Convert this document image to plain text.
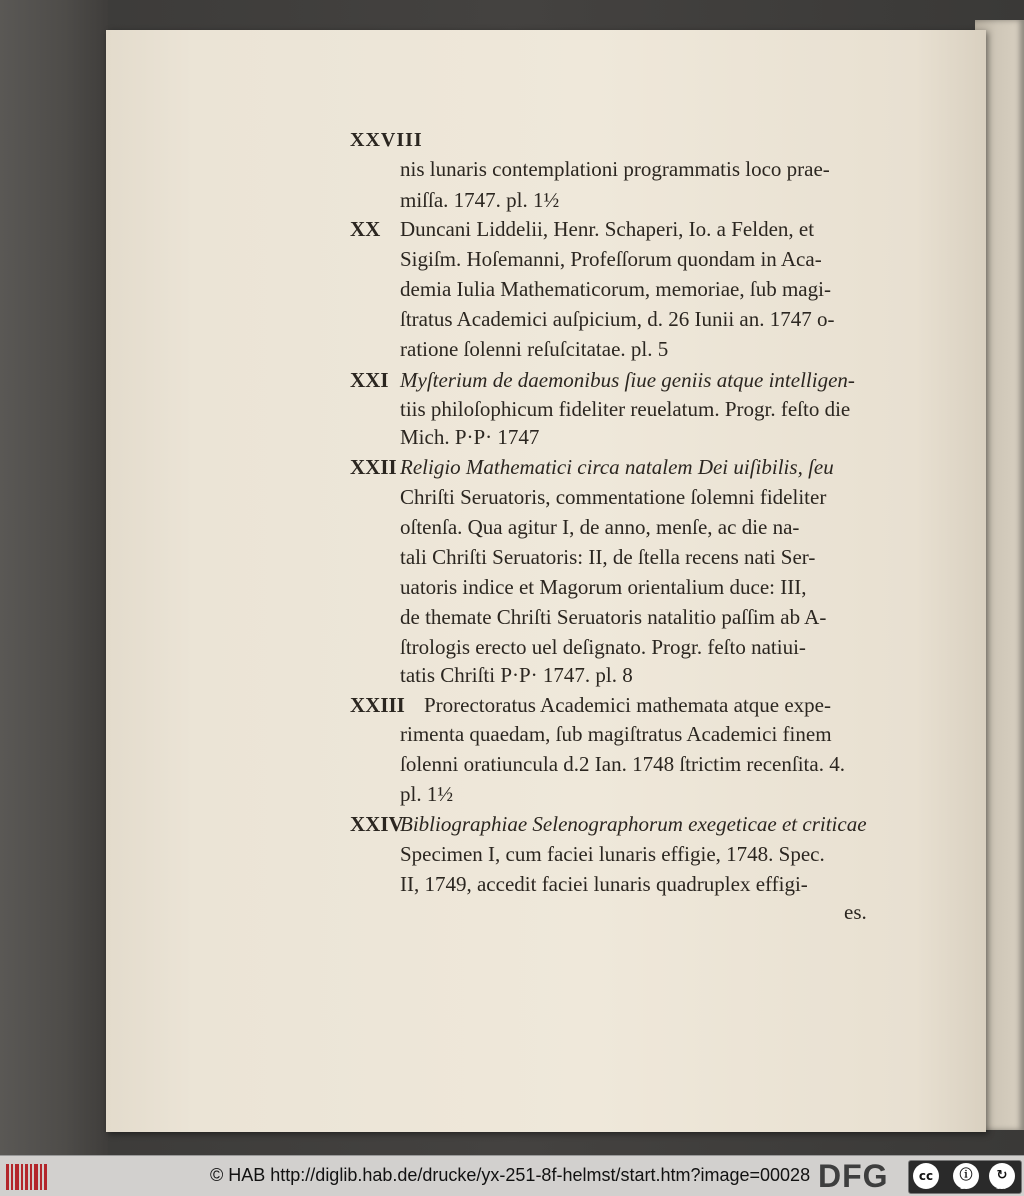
XXVIII
nis lunaris contemplationi programmatis loco prae-
miſſa. 1747. pl. 1½
XX Duncani Liddelii, Henr. Schaperi, Io. a Felden, et
Sigiſm. Hoſemanni, Profeſſorum quondam in Aca-
demia Iulia Mathematicorum, memoriae, ſub magi-
ſtratus Academici auſpicium, d. 26 Iunii an. 1747 o-
ratione ſolenni reſuſcitatae. pl. 5
XXI Myſterium de daemonibus ſiue geniis atque intelligen-
tiis philoſophicum fideliter reuelatum. Progr. feſto die
Mich. P·P· 1747
XXII Religio Mathematici circa natalem Dei uiſibilis, ſeu
Chriſti Seruatoris, commentatione ſolemni fideliter
oſtenſa. Qua agitur I, de anno, menſe, ac die na-
tali Chriſti Seruatoris: II, de ſtella recens nati Ser-
uatoris indice et Magorum orientalium duce: III,
de themate Chriſti Seruatoris natalitio paſſim ab A-
ſtrologis erecto uel deſignato. Progr. feſto natiui-
tatis Chriſti P·P· 1747. pl. 8
XXIII Prorectoratus Academici mathemata atque expe-
rimenta quaedam, ſub magiſtratus Academici finem
ſolenni oratiuncula d.2 Ian. 1748 ſtrictim recenſita. 4.
pl. 1½
XXIV
Bibliographiae Selenographorum exegeticae et criticae
Specimen I, cum faciei lunaris effigie, 1748. Spec.
II, 1749, accedit faciei lunaris quadruplex effigi-
es.
© HAB http://diglib.hab.de/drucke/yx-251-8f-helmst/start.htm?image=00028 DFG	cc	ⓘ
BY
↻
SA
